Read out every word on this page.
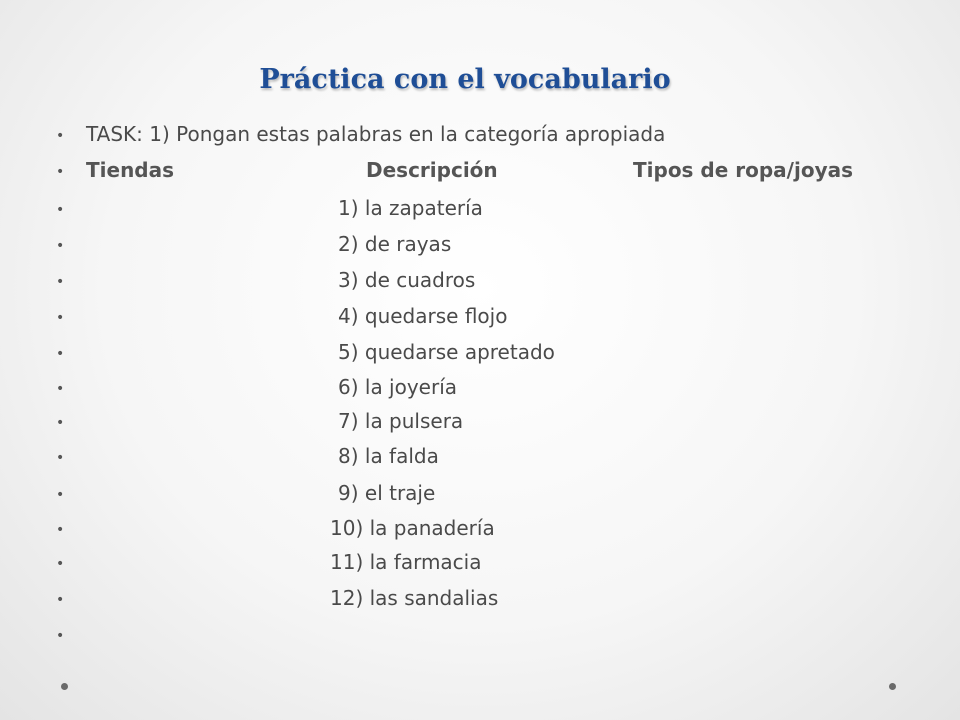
Práctica con el vocabulario
• TASK: 1) Pongan estas palabras en la categoría apropiada
• Tiendas	Descripción	Tipos de ropa/joyas
•	1) la zapatería
•	2) de rayas
•	3) de cuadros
•	4) quedarse flojo
•	5) quedarse apretado
•	6) la joyería
•	7) la pulsera
•	8) la falda
•	9) el traje
•	10) la panadería
•	11) la farmacia
•	12) las sandalias
•
